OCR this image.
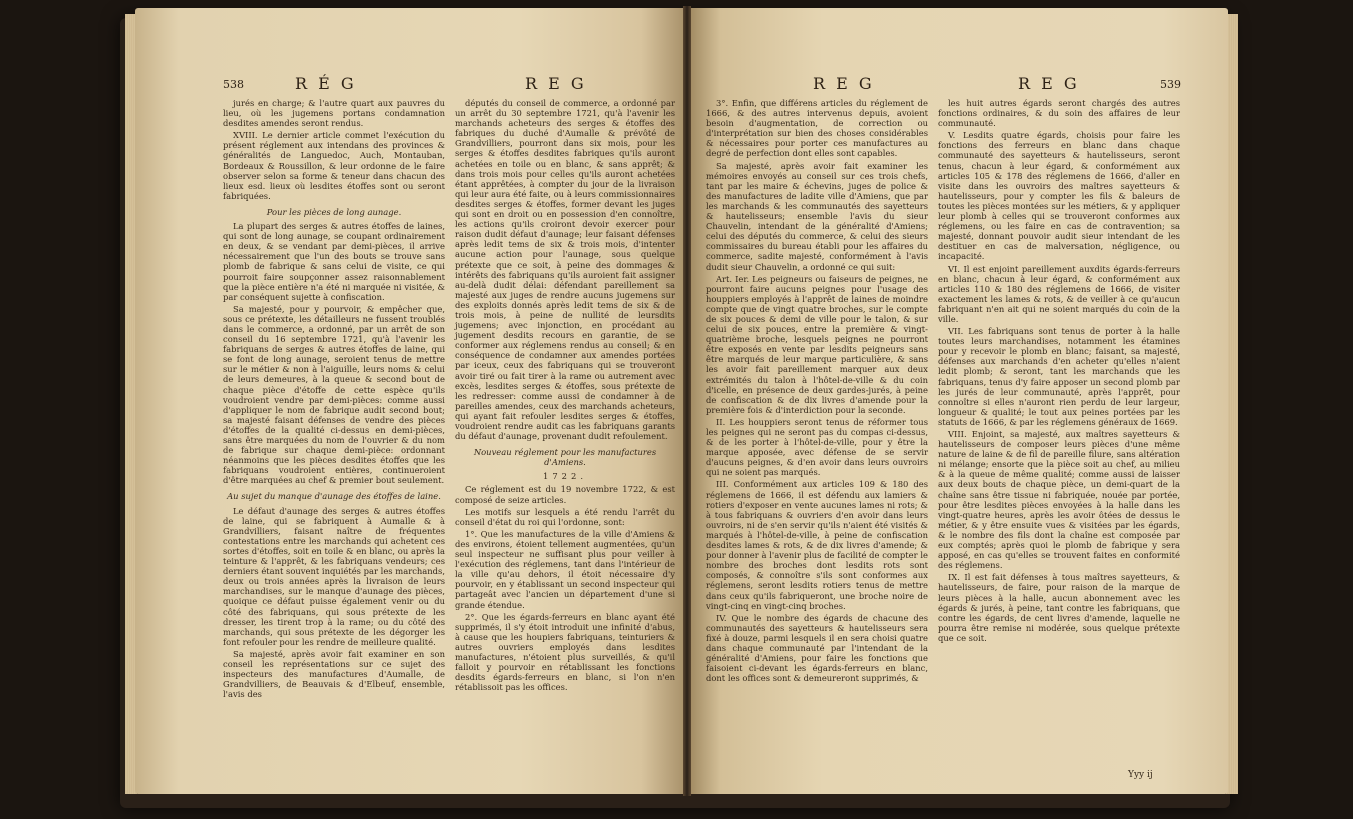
538	R É G	R E G

jurés en charge; & l'autre quart aux pauvres du lieu, où les jugemens portans condamnation desdites amendes seront rendus.

XVIII. Le dernier article commet l'exécution du présent réglement aux intendans des provinces & généralités de Languedoc, Auch, Montauban, Bordeaux & Roussillon, & leur ordonne de le faire observer selon sa forme & teneur dans chacun des lieux esd. lieux où lesdites étoffes sont ou seront fabriquées.

Pour les pièces de long aunage.

La plupart des serges & autres étoffes de laines, qui sont de long aunage, se coupant ordinairement en deux, & se vendant par demi-pièces, il arrive nécessairement que l'un des bouts se trouve sans plomb de fabrique & sans celui de visite, ce qui pourroit faire soupçonner assez raisonnablement que la pièce entière n'a été ni marquée ni visitée, & par conséquent sujette à confiscation.

Sa majesté, pour y pourvoir, & empêcher que, sous ce prétexte, les détailleurs ne fussent troublés dans le commerce, a ordonné, par un arrêt de son conseil du 16 septembre 1721, qu'à l'avenir les fabriquans de serges & autres étoffes de laine, qui se font de long aunage, seroient tenus de mettre sur le métier & non à l'aiguille, leurs noms & celui de leurs demeures, à la queue & second bout de chaque pièce d'étoffe de cette espèce qu'ils voudroient vendre par demi-pièces: comme aussi d'appliquer le nom de fabrique audit second bout; sa majesté faisant défenses de vendre des pièces d'étoffes de la qualité ci-dessus en demi-pièces, sans être marquées du nom de l'ouvrier & du nom de fabrique sur chaque demi-pièce: ordonnant néanmoins que les pièces desdites étoffes que les fabriquans voudroient entières, continueroient d'être marquées au chef & premier bout seulement.

Au sujet du manque d'aunage des étoffes de laine.

Le défaut d'aunage des serges & autres étoffes de laine, qui se fabriquent à Aumalle & à Grandvilliers, faisant naître de fréquentes contestations entre les marchands qui achetent ces sortes d'étoffes, soit en toile & en blanc, ou après la teinture & l'apprêt, & les fabriquans vendeurs; ces derniers étant souvent inquiétés par les marchands, deux ou trois années après la livraison de leurs marchandises, sur le manque d'aunage des pièces, quoique ce défaut puisse également venir ou du côté des fabriquans, qui sous prétexte de les dresser, les tirent trop à la rame; ou du côté des marchands, qui sous prétexte de les dégorger les font refouler pour les rendre de meilleure qualité.

Sa majesté, après avoir fait examiner en son conseil les représentations sur ce sujet des inspecteurs des manufactures d'Aumalle, de Grandvilliers, de Beauvais & d'Elbeuf, ensemble, l'avis des

députés du conseil de commerce, a ordonné par un arrêt du 30 septembre 1721, qu'à l'avenir les marchands acheteurs des serges & étoffes des fabriques du duché d'Aumalle & prévôté de Grandvilliers, pourront dans six mois, pour les serges & étoffes desdites fabriques qu'ils auront achetées en toile ou en blanc, & sans apprêt; & dans trois mois pour celles qu'ils auront achetées étant apprêtées, à compter du jour de la livraison qui leur aura été faite, ou à leurs commissionnaires desdites serges & étoffes, former devant les juges qui sont en droit ou en possession d'en connoître, les actions qu'ils croiront devoir exercer pour raison dudit défaut d'aunage; leur faisant défenses après ledit tems de six & trois mois, d'intenter aucune action pour l'aunage, sous quelque prétexte que ce soit, à peine des dommages & intérêts des fabriquans qu'ils auroient fait assigner au-delà dudit délai: défendant pareillement sa majesté aux juges de rendre aucuns jugemens sur des exploits donnés après ledit tems de six & de trois mois, à peine de nullité de leursdits jugemens; avec injonction, en procédant au jugement desdits recours en garantie, de se conformer aux réglemens rendus au conseil; & en conséquence de condamner aux amendes portées par iceux, ceux des fabriquans qui se trouveront avoir tiré ou fait tirer à la rame ou autrement avec excès, lesdites serges & étoffes, sous prétexte de les redresser: comme aussi de condamner à de pareilles amendes, ceux des marchands acheteurs, qui ayant fait refouler lesdites serges & étoffes, voudroient rendre audit cas les fabriquans garants du défaut d'aunage, provenant dudit refoulement.

Nouveau réglement pour les manufactures d'Amiens.

1722.

Ce réglement est du 19 novembre 1722, & est composé de seize articles.

Les motifs sur lesquels a été rendu l'arrêt du conseil d'état du roi qui l'ordonne, sont:

1°. Que les manufactures de la ville d'Amiens & des environs, étoient tellement augmentées, qu'un seul inspecteur ne suffisant plus pour veiller à l'exécution des réglemens, tant dans l'intérieur de la ville qu'au dehors, il étoit nécessaire d'y pourvoir, en y établissant un second inspecteur qui partageât avec l'ancien un département d'une si grande étendue.

2°. Que les égards-ferreurs en blanc ayant été supprimés, il s'y étoit introduit une infinité d'abus, à cause que les houpiers fabriquans, teinturiers & autres ouvriers employés dans lesdites manufactures, n'étoient plus surveillés, & qu'il falloit y pourvoir en rétablissant les fonctions desdits égards-ferreurs en blanc, si l'on n'en rétablissoit pas les offices.

R E G	R E G	539

3°. Enfin, que différens articles du réglement de 1666, & des autres intervenus depuis, avoient besoin d'augmentation, de correction ou d'interprétation sur bien des choses considérables & nécessaires pour porter ces manufactures au degré de perfection dont elles sont capables.

Sa majesté, après avoir fait examiner les mémoires envoyés au conseil sur ces trois chefs, tant par les maire & échevins, juges de police & des manufactures de ladite ville d'Amiens, que par les marchands & les communautés des sayetteurs & hautelisseurs; ensemble l'avis du sieur Chauvelin, intendant de la généralité d'Amiens; celui des députés du commerce, & celui des sieurs commissaires du bureau établi pour les affaires du commerce, sadite majesté, conformément à l'avis dudit sieur Chauvelin, a ordonné ce qui suit:

Art. Ier. Les peigneurs ou faiseurs de peignes, ne pourront faire aucuns peignes pour l'usage des houppiers employés à l'apprêt de laines de moindre compte que de vingt quatre broches, sur le compte de six pouces & demi de ville pour le talon, & sur celui de six pouces, entre la première & vingt-quatrième broche, lesquels peignes ne pourront être exposés en vente par lesdits peigneurs sans être marqués de leur marque particulière, & sans les avoir fait pareillement marquer aux deux extrémités du talon à l'hôtel-de-ville & du coin d'icelle, en présence de deux gardes-jurés, à peine de confiscation & de dix livres d'amende pour la première fois & d'interdiction pour la seconde.

II. Les houppiers seront tenus de réformer tous les peignes qui ne seront pas du compas ci-dessus, & de les porter à l'hôtel-de-ville, pour y être la marque apposée, avec défense de se servir d'aucuns peignes, & d'en avoir dans leurs ouvroirs qui ne soient pas marqués.

III. Conformément aux articles 109 & 180 des réglemens de 1666, il est défendu aux lamiers & rotiers d'exposer en vente aucunes lames ni rots; & à tous fabriquans & ouvriers d'en avoir dans leurs ouvroirs, ni de s'en servir qu'ils n'aient été visités & marqués à l'hôtel-de-ville, à peine de confiscation desdites lames & rots, & de dix livres d'amende; & pour donner à l'avenir plus de facilité de compter le nombre des broches dont lesdits rots sont composés, & connoître s'ils sont conformes aux réglemens, seront lesdits rotiers tenus de mettre dans ceux qu'ils fabriqueront, une broche noire de vingt-cinq en vingt-cinq broches.

IV. Que le nombre des égards de chacune des communautés des sayetteurs & hautelisseurs sera fixé à douze, parmi lesquels il en sera choisi quatre dans chaque communauté par l'intendant de la généralité d'Amiens, pour faire les fonctions que faisoient ci-devant les égards-ferreurs en blanc, dont les offices sont & demeureront supprimés, &

les huit autres égards seront chargés des autres fonctions ordinaires, & du soin des affaires de leur communauté.

V. Lesdits quatre égards, choisis pour faire les fonctions des ferreurs en blanc dans chaque communauté des sayetteurs & hautelisseurs, seront tenus, chacun à leur égard, & conformément aux articles 105 & 178 des réglemens de 1666, d'aller en visite dans les ouvroirs des maîtres sayetteurs & hautelisseurs, pour y compter les fils & baleurs de toutes les pièces montées sur les métiers, & y appliquer leur plomb à celles qui se trouveront conformes aux réglemens, ou les faire en cas de contravention; sa majesté, donnant pouvoir audit sieur intendant de les destituer en cas de malversation, négligence, ou incapacité.

VI. Il est enjoint pareillement auxdits égards-ferreurs en blanc, chacun à leur égard, & conformément aux articles 110 & 180 des réglemens de 1666, de visiter exactement les lames & rots, & de veiller à ce qu'aucun fabriquant n'en ait qui ne soient marqués du coin de la ville.

VII. Les fabriquans sont tenus de porter à la halle toutes leurs marchandises, notamment les étamines pour y recevoir le plomb en blanc; faisant, sa majesté, défenses aux marchands d'en acheter qu'elles n'aient ledit plomb; & seront, tant les marchands que les fabriquans, tenus d'y faire apposer un second plomb par les jurés de leur communauté, après l'apprêt, pour connoître si elles n'auront rien perdu de leur largeur, longueur & qualité; le tout aux peines portées par les statuts de 1666, & par les réglemens généraux de 1669.

VIII. Enjoint, sa majesté, aux maîtres sayetteurs & hautelisseurs de composer leurs pièces d'une même nature de laine & de fil de pareille filure, sans altération ni mélange; ensorte que la pièce soit au chef, au milieu & à la queue de même qualité; comme aussi de laisser aux deux bouts de chaque pièce, un demi-quart de la chaîne sans être tissue ni fabriquée, nouée par portée, pour être lesdites pièces envoyées à la halle dans les vingt-quatre heures, après les avoir ôtées de dessus le métier, & y être ensuite vues & visitées par les égards, & le nombre des fils dont la chaîne est composée par eux comptés; après quoi le plomb de fabrique y sera apposé, en cas qu'elles se trouvent faites en conformité des réglemens.

IX. Il est fait défenses à tous maîtres sayetteurs, & hautelisseurs, de faire, pour raison de la marque de leurs pièces à la halle, aucun abonnement avec les égards & jurés, à peine, tant contre les fabriquans, que contre les égards, de cent livres d'amende, laquelle ne pourra être remise ni modérée, sous quelque prétexte que ce soit.

Yyy ij
